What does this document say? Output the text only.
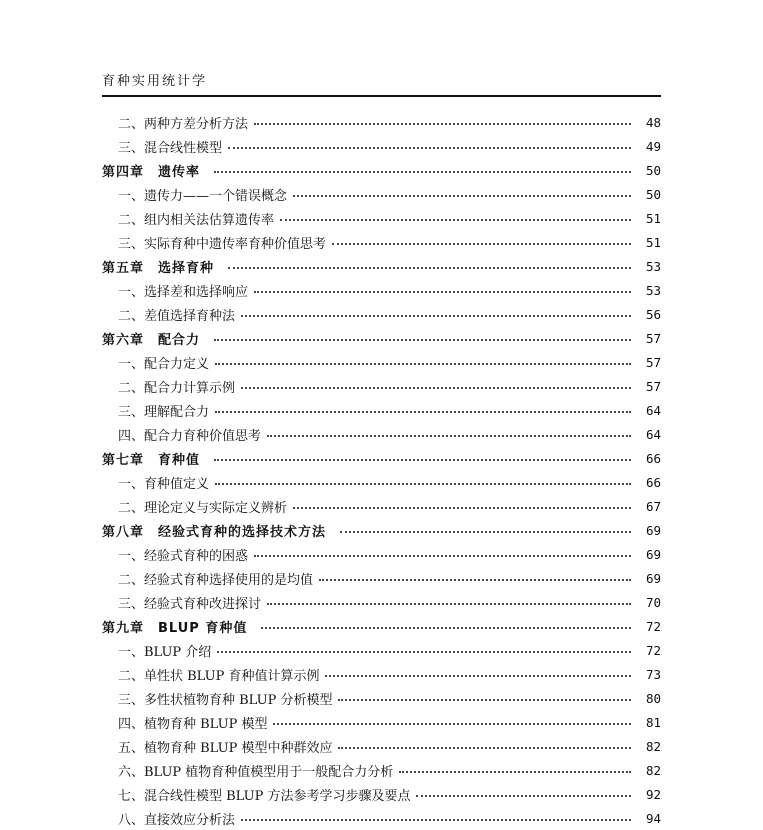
育种实用统计学
二、两种方差分析方法	48
三、混合线性模型	49
第四章　遗传率	50
一、遗传力——一个错误概念	50
二、组内相关法估算遗传率	51
三、实际育种中遗传率育种价值思考	51
第五章　选择育种	53
一、选择差和选择响应	53
二、差值选择育种法	56
第六章　配合力	57
一、配合力定义	57
二、配合力计算示例	57
三、理解配合力	64
四、配合力育种价值思考	64
第七章　育种值	66
一、育种值定义	66
二、理论定义与实际定义辨析	67
第八章　经验式育种的选择技术方法	69
一、经验式育种的困惑	69
二、经验式育种选择使用的是均值	69
三、经验式育种改进探讨	70
第九章　BLUP 育种值	72
一、BLUP 介绍	72
二、单性状 BLUP 育种值计算示例	73
三、多性状植物育种 BLUP 分析模型	80
四、植物育种 BLUP 模型	81
五、植物育种 BLUP 模型中种群效应	82
六、BLUP 植物育种值模型用于一般配合力分析	82
七、混合线性模型 BLUP 方法参考学习步骤及要点	92
八、直接效应分析法	94
